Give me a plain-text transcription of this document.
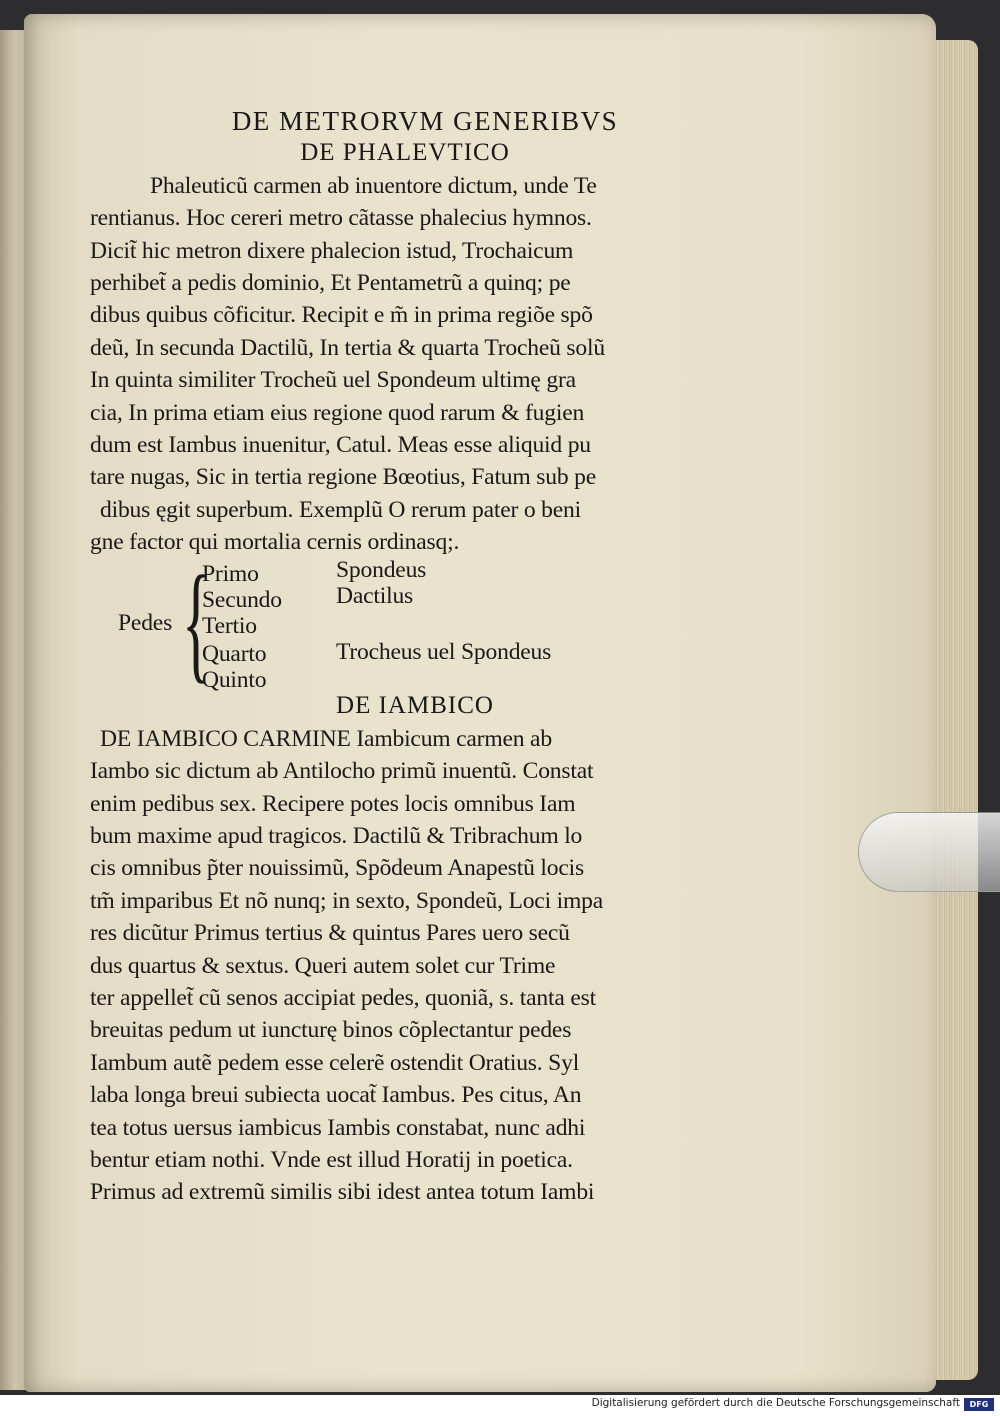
DE METRORVM GENERIBVS
DE PHALEVTICO
Phaleuticũ carmen ab inuentore dictum, unde Te
rentianus. Hoc cereri metro cãtasse phalecius hymnos.
Dicit̃ hic metron dixere phalecion istud, Trochaicum
perhibet̃ a pedis dominio, Et Pentametrũ a quinq; pe
dibus quibus cõficitur. Recipit e m̃ in prima regiõe spõ
deũ, In secunda Dactilũ, In tertia & quarta Trocheũ solũ
In quinta similiter Trocheũ uel Spondeum ultimę gra
cia, In prima etiam eius regione quod rarum & fugien
dum est Iambus inuenitur, Catul. Meas esse aliquid pu
tare nugas, Sic in tertia regione Bœotius, Fatum sub pe
dibus ęgit superbum. Exemplũ O rerum pater o beni
gne factor qui mortalia cernis ordinasq;.
Pedes {
Primo	Spondeus
Secundo Dactilus
Tertio
Quarto	Trocheus uel Spondeus
Quinto
DE IAMBICO
DE IAMBICO CARMINE Iambicum carmen ab
Iambo sic dictum ab Antilocho primũ inuentũ. Constat
enim pedibus sex. Recipere potes locis omnibus Iam
bum maxime apud tragicos. Dactilũ & Tribrachum lo
cis omnibus p̃ter nouissimũ, Spõdeum Anapestũ locis
tm̃ imparibus Et nõ nunq; in sexto, Spondeũ, Loci impa
res dicũtur Primus tertius & quintus Pares uero secũ
dus quartus & sextus. Queri autem solet cur Trime
ter appellet̃ cũ senos accipiat pedes, quoniã, s. tanta est
breuitas pedum ut iuncturę binos cõplectantur pedes
Iambum autẽ pedem esse celerẽ ostendit Oratius. Syl
laba longa breui subiecta uocat̃ Iambus. Pes citus, An
tea totus uersus iambicus Iambis constabat, nunc adhi
bentur etiam nothi. Vnde est illud Horatij in poetica.
Primus ad extremũ similis sibi idest antea totum Iambi
Digitalisierung gefördert durch die Deutsche Forschungsgemeinschaft	DFG
